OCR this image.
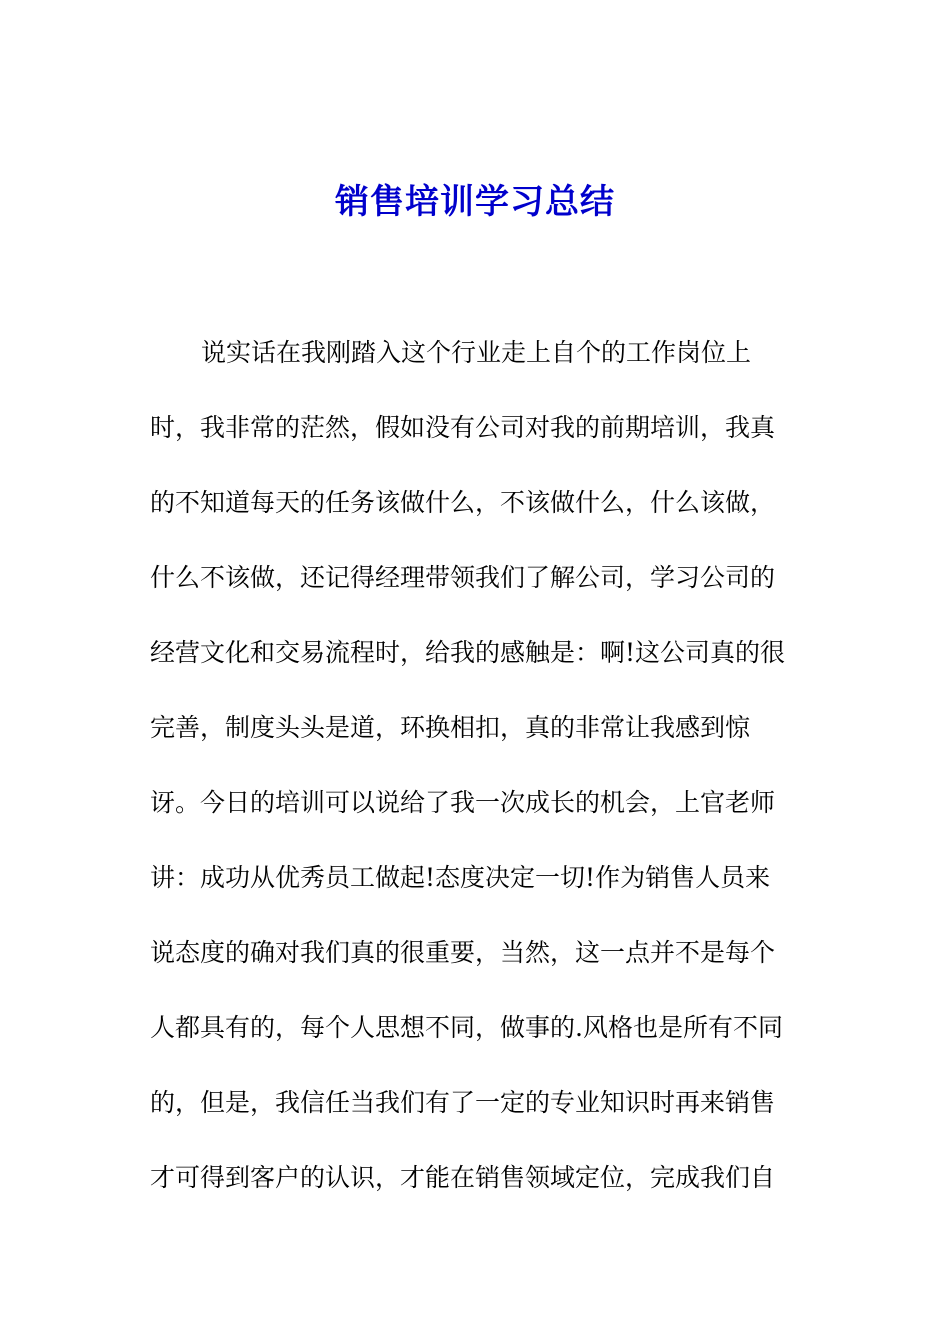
销售培训学习总结
说实话在我刚踏入这个行业走上自个的工作岗位上
时，我非常的茫然，假如没有公司对我的前期培训，我真
的不知道每天的任务该做什么，不该做什么，什么该做，
什么不该做，还记得经理带领我们了解公司，学习公司的
经营文化和交易流程时，给我的感触是：啊!这公司真的很
完善，制度头头是道，环换相扣，真的非常让我感到惊
讶。今日的培训可以说给了我一次成长的机会，上官老师
讲：成功从优秀员工做起!态度决定一切!作为销售人员来
说态度的确对我们真的很重要，当然，这一点并不是每个
人都具有的，每个人思想不同，做事的.风格也是所有不同
的，但是，我信任当我们有了一定的专业知识时再来销售
才可得到客户的认识，才能在销售领域定位，完成我们自
